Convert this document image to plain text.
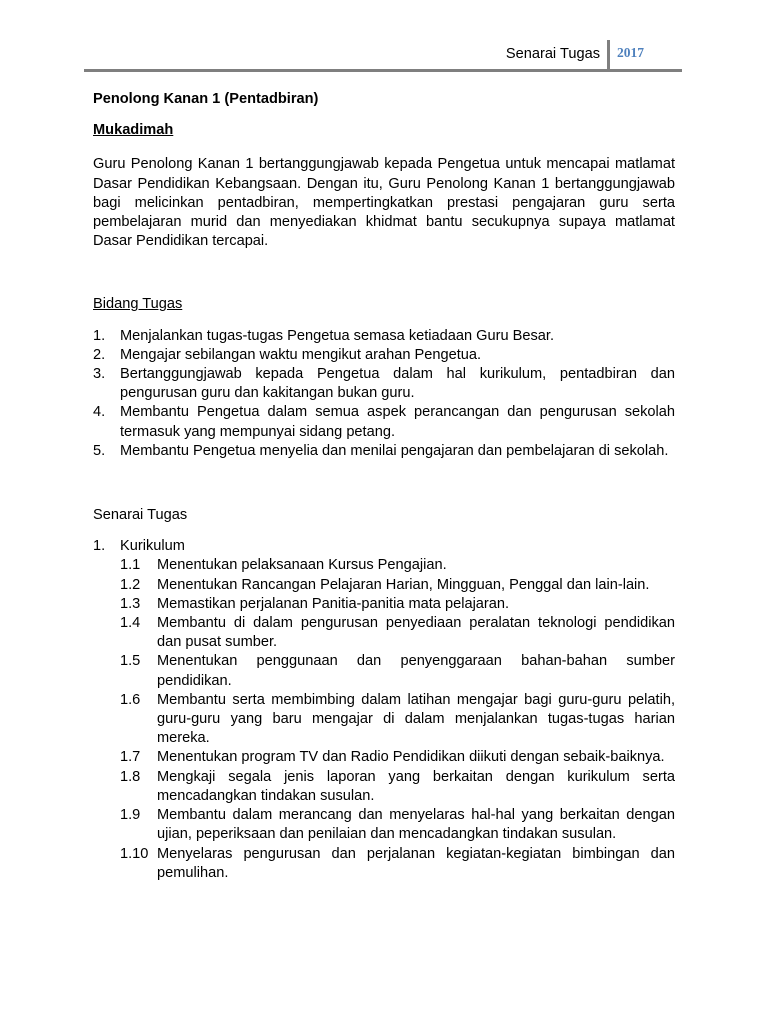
Senarai Tugas 2017

Penolong Kanan 1 (Pentadbiran)

Mukadimah

Guru Penolong Kanan 1 bertanggungjawab kepada Pengetua untuk mencapai matlamat Dasar Pendidikan Kebangsaan. Dengan itu, Guru Penolong Kanan 1 bertanggungjawab bagi melicinkan pentadbiran, mempertingkatkan prestasi pengajaran guru serta pembelajaran murid dan menyediakan khidmat bantu secukupnya supaya matlamat Dasar Pendidikan tercapai.

Bidang Tugas

1. Menjalankan tugas-tugas Pengetua semasa ketiadaan Guru Besar.
2. Mengajar sebilangan waktu mengikut arahan Pengetua.
3. Bertanggungjawab kepada Pengetua dalam hal kurikulum, pentadbiran dan pengurusan guru dan kakitangan bukan guru.
4. Membantu Pengetua dalam semua aspek perancangan dan pengurusan sekolah termasuk yang mempunyai sidang petang.
5. Membantu Pengetua menyelia dan menilai pengajaran dan pembelajaran di sekolah.

Senarai Tugas

1. Kurikulum
1.1 Menentukan pelaksanaan Kursus Pengajian.
1.2 Menentukan Rancangan Pelajaran Harian, Mingguan, Penggal dan lain-lain.
1.3 Memastikan perjalanan Panitia-panitia mata pelajaran.
1.4 Membantu di dalam pengurusan penyediaan peralatan teknologi pendidikan dan pusat sumber.
1.5 Menentukan penggunaan dan penyenggaraan bahan-bahan sumber pendidikan.
1.6 Membantu serta membimbing dalam latihan mengajar bagi guru-guru pelatih, guru-guru yang baru mengajar di dalam menjalankan tugas-tugas harian mereka.
1.7 Menentukan program TV dan Radio Pendidikan diikuti dengan sebaik-baiknya.
1.8 Mengkaji segala jenis laporan yang berkaitan dengan kurikulum serta mencadangkan tindakan susulan.
1.9 Membantu dalam merancang dan menyelaras hal-hal yang berkaitan dengan ujian, peperiksaan dan penilaian dan mencadangkan tindakan susulan.
1.10 Menyelaras pengurusan dan perjalanan kegiatan-kegiatan bimbingan dan pemulihan.
